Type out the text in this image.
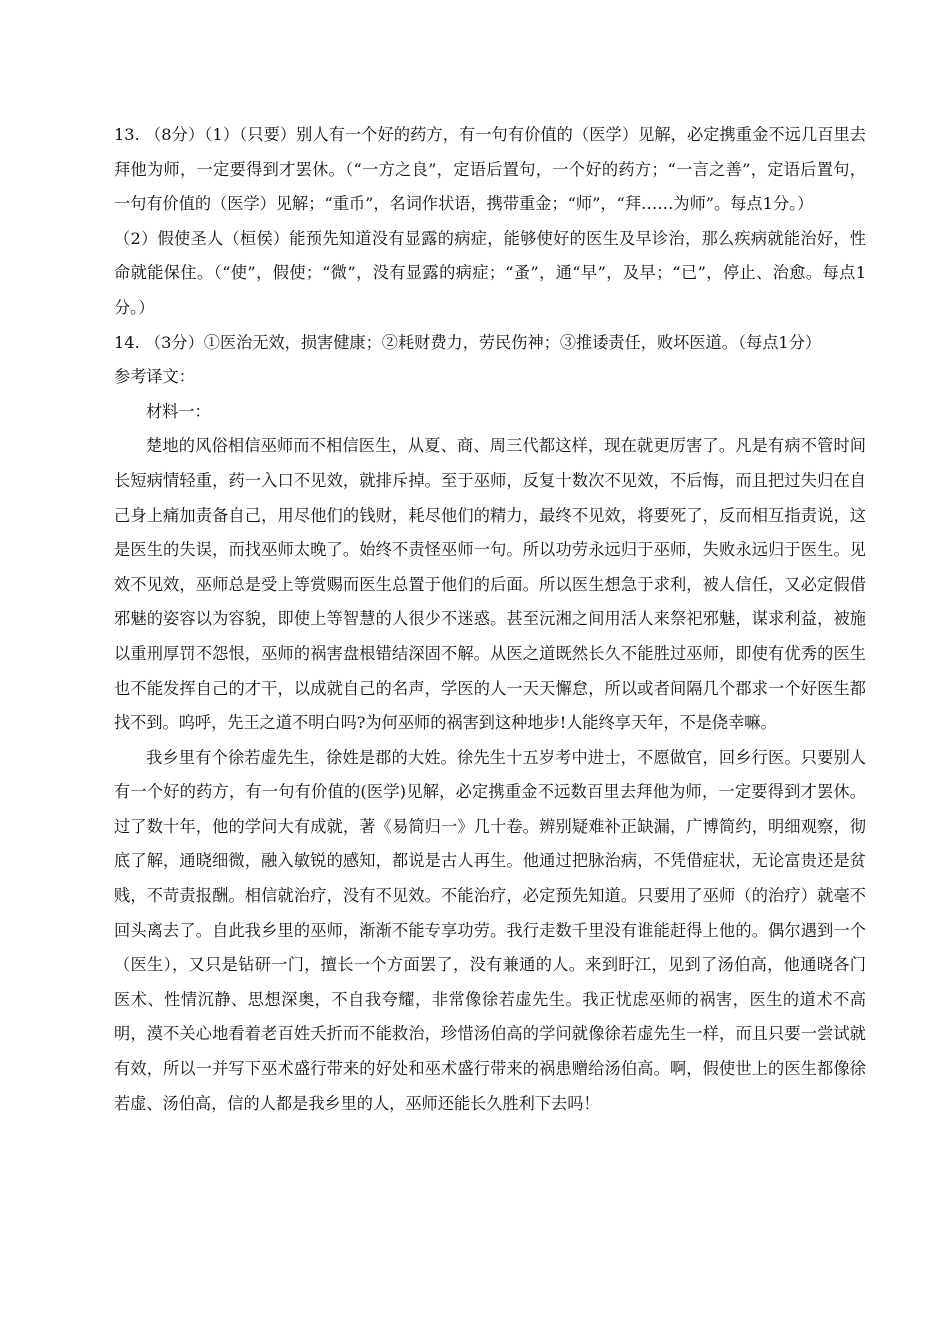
13. （8分）（1）（只要）别人有一个好的药方，有一句有价值的（医学）见解，必定携重金不远几百里去拜他为师，一定要得到才罢休。（“一方之良”，定语后置句，一个好的药方；“一言之善”，定语后置句，一句有价值的（医学）见解；“重币”，名词作状语，携带重金；“师”，“拜……为师”。每点1分。）

（2）假使圣人（桓侯）能预先知道没有显露的病症，能够使好的医生及早诊治，那么疾病就能治好，性命就能保住。（“使”，假使；“微”，没有显露的病症；“蚤”，通“早”，及早；“已”，停止、治愈。每点1分。）

14. （3分）①医治无效，损害健康；②耗财费力，劳民伤神；③推诿责任，败坏医道。（每点1分）

参考译文：

材料一：

楚地的风俗相信巫师而不相信医生，从夏、商、周三代都这样，现在就更厉害了。凡是有病不管时间长短病情轻重，药一入口不见效，就排斥掉。至于巫师，反复十数次不见效，不后悔，而且把过失归在自己身上痛加责备自己，用尽他们的钱财，耗尽他们的精力，最终不见效，将要死了，反而相互指责说，这是医生的失误，而找巫师太晚了。始终不责怪巫师一句。所以功劳永远归于巫师，失败永远归于医生。见效不见效，巫师总是受上等赏赐而医生总置于他们的后面。所以医生想急于求利，被人信任，又必定假借邪魅的姿容以为容貌，即使上等智慧的人很少不迷惑。甚至沅湘之间用活人来祭祀邪魅，谋求利益，被施以重刑厚罚不怨恨，巫师的祸害盘根错结深固不解。从医之道既然长久不能胜过巫师，即使有优秀的医生也不能发挥自己的才干，以成就自己的名声，学医的人一天天懈怠，所以或者间隔几个郡求一个好医生都找不到。呜呼，先王之道不明白吗?为何巫师的祸害到这种地步!人能终享天年，不是侥幸嘛。

我乡里有个徐若虚先生，徐姓是郡的大姓。徐先生十五岁考中进士，不愿做官，回乡行医。只要别人有一个好的药方，有一句有价值的(医学)见解，必定携重金不远数百里去拜他为师，一定要得到才罢休。过了数十年，他的学问大有成就，著《易简归一》几十卷。辨别疑难补正缺漏，广博简约，明细观察，彻底了解，通晓细微，融入敏锐的感知，都说是古人再生。他通过把脉治病，不凭借症状，无论富贵还是贫贱，不苛责报酬。相信就治疗，没有不见效。不能治疗，必定预先知道。只要用了巫师（的治疗）就毫不回头离去了。自此我乡里的巫师，渐渐不能专享功劳。我行走数千里没有谁能赶得上他的。偶尔遇到一个（医生），又只是钻研一门，擅长一个方面罢了，没有兼通的人。来到盱江，见到了汤伯高，他通晓各门医术、性情沉静、思想深奥，不自我夸耀，非常像徐若虚先生。我正忧虑巫师的祸害，医生的道术不高明，漠不关心地看着老百姓夭折而不能救治，珍惜汤伯高的学问就像徐若虚先生一样，而且只要一尝试就有效，所以一并写下巫术盛行带来的好处和巫术盛行带来的祸患赠给汤伯高。啊，假使世上的医生都像徐若虚、汤伯高，信的人都是我乡里的人，巫师还能长久胜利下去吗！
